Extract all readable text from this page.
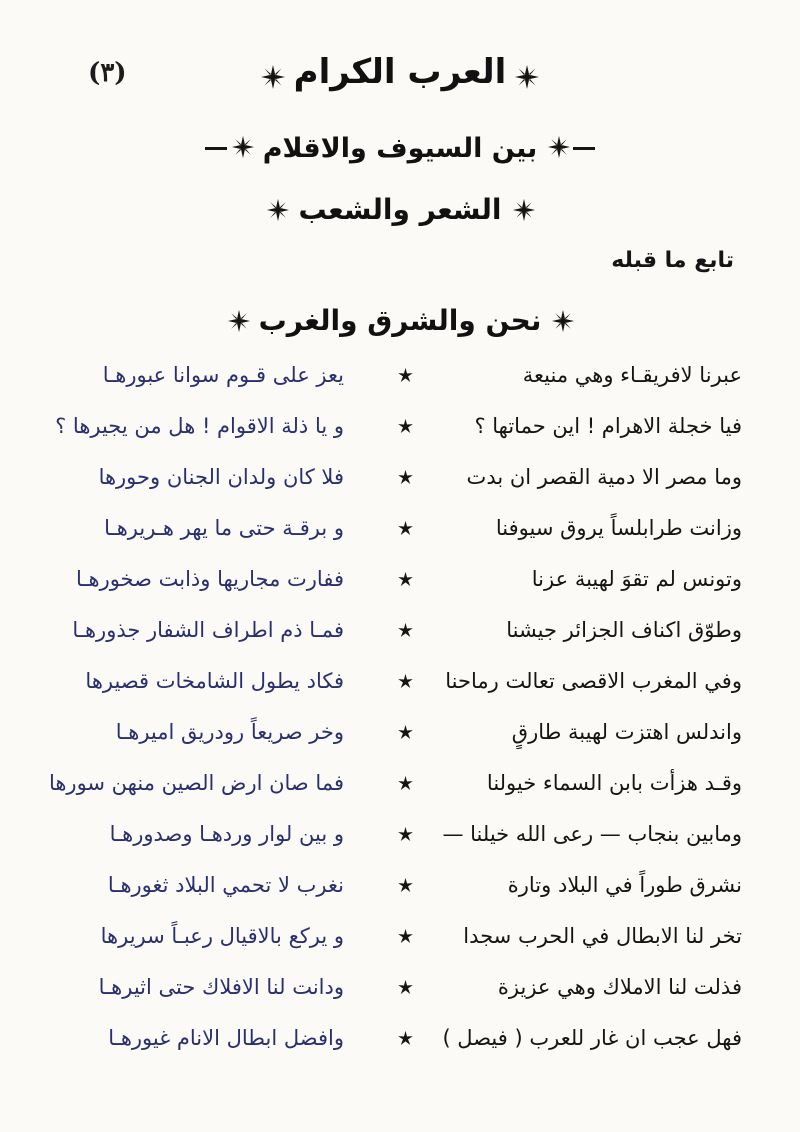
(٣)	العرب الكرام
بين السيوف والاقلام
الشعر والشعب
تابع ما قبله
نحن والشرق والغرب
عبرنا لافريقـاء وهي منيعة
يعز على قـوم سوانا عبورهـا
فيا خجلة الاهرام ! اين حماتها ؟
و يا ذلة الاقوام ! هل من يجيرها ؟
وما مصر الا دمية القصر ان بدت
فلا كان ولدان الجنان وحورها
وزانت طرابلساً يروق سيوفنا
و برقـة حتى ما يهر هـريرهـا
وتونس لم تقوَ لهيبة عزنا
ففارت مجاريها وذابت صخورهـا
وطوّق اكناف الجزائر جيشنا
فمـا ذم اطراف الشفار جذورهـا
وفي المغرب الاقصى تعالت رماحنا
فكاد يطول الشامخات قصيرها
واندلس اهتزت لهيبة طارقٍ
وخر صريعاً رودريق اميرهـا
وقـد هزأت بابن السماء خيولنا
فما صان ارض الصين منهن سورها
ومابين بنجاب — رعى الله خيلنا —
و بين لوار وردهـا وصدورهـا
نشرق طوراً في البلاد وتارة
نغرب لا تحمي البلاد ثغورهـا
تخر لنا الابطال في الحرب سجدا
و يركع بالاقيال رعبـاً سريرها
فذلت لنا الاملاك وهي عزيزة
ودانت لنا الافلاك حتى اثيرهـا
فهل عجب ان غار للعرب ( فيصل )
وافضل ابطال الانام غيورهـا
